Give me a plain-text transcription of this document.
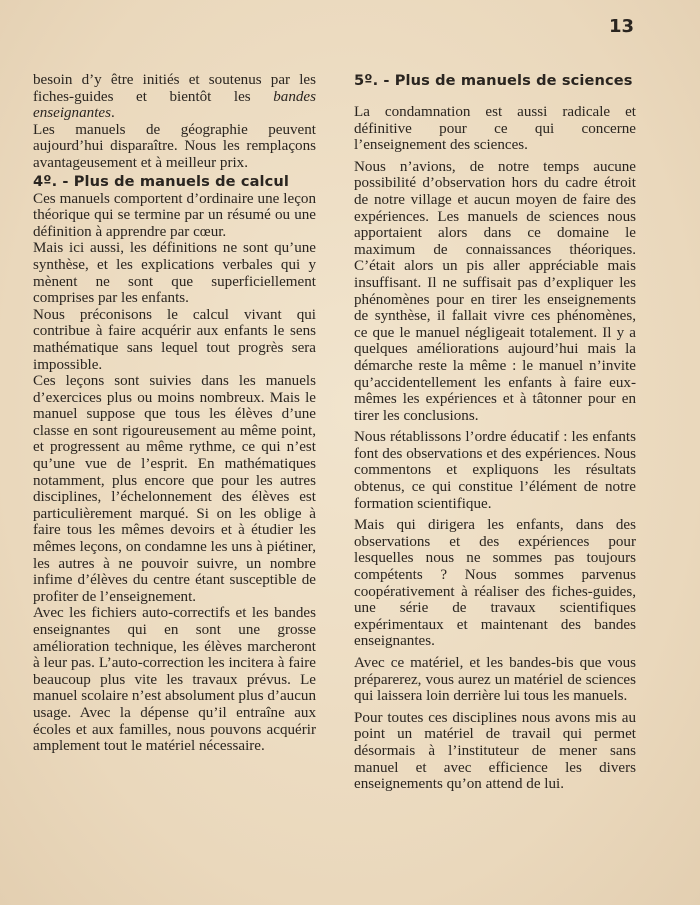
13

besoin d’y être initiés et soutenus par les fiches-guides et bientôt les bandes enseignantes.

Les manuels de géographie peuvent aujourd’hui disparaître. Nous les remplaçons avantageusement et à meilleur prix.

4º. - Plus de manuels de calcul

Ces manuels comportent d’ordinaire une leçon théorique qui se termine par un résumé ou une définition à apprendre par cœur.

Mais ici aussi, les définitions ne sont qu’une synthèse, et les explications verbales qui y mènent ne sont que superficiellement comprises par les enfants.

Nous préconisons le calcul vivant qui contribue à faire acquérir aux enfants le sens mathématique sans lequel tout progrès sera impossible.

Ces leçons sont suivies dans les manuels d’exercices plus ou moins nombreux. Mais le manuel suppose que tous les élèves d’une classe en sont rigoureusement au même point, et progressent au même rythme, ce qui n’est qu’une vue de l’esprit. En mathématiques notamment, plus encore que pour les autres disciplines, l’échelonnement des élèves est particulièrement marqué. Si on les oblige à faire tous les mêmes devoirs et à étudier les mêmes leçons, on condamne les uns à piétiner, les autres à ne pouvoir suivre, un nombre infime d’élèves du centre étant susceptible de profiter de l’enseignement.

Avec les fichiers auto-correctifs et les bandes enseignantes qui en sont une grosse amélioration technique, les élèves marcheront à leur pas. L’auto-correction les incitera à faire beaucoup plus vite les travaux prévus. Le manuel scolaire n’est absolument plus d’aucun usage. Avec la dépense qu’il entraîne aux écoles et aux familles, nous pouvons acquérir amplement tout le matériel nécessaire.

5º. - Plus de manuels de sciences

La condamnation est aussi radicale et définitive pour ce qui concerne l’enseignement des sciences.

Nous n’avions, de notre temps aucune possibilité d’observation hors du cadre étroit de notre village et aucun moyen de faire des expériences. Les manuels de sciences nous apportaient alors dans ce domaine le maximum de connaissances théoriques. C’était alors un pis aller appréciable mais insuffisant. Il ne suffisait pas d’expliquer les phénomènes pour en tirer les enseignements de synthèse, il fallait vivre ces phénomènes, ce que le manuel négligeait totalement. Il y a quelques améliorations aujourd’hui mais la démarche reste la même : le manuel n’invite qu’accidentellement les enfants à faire eux-mêmes les expériences et à tâtonner pour en tirer les conclusions.

Nous rétablissons l’ordre éducatif : les enfants font des observations et des expériences. Nous commentons et expliquons les résultats obtenus, ce qui constitue l’élément de notre formation scientifique.

Mais qui dirigera les enfants, dans des observations et des expériences pour lesquelles nous ne sommes pas toujours compétents ? Nous sommes parvenus coopérativement à réaliser des fiches-guides, une série de travaux scientifiques expérimentaux et maintenant des bandes enseignantes.

Avec ce matériel, et les bandes-bis que vous préparerez, vous aurez un matériel de sciences qui laissera loin derrière lui tous les manuels.

Pour toutes ces disciplines nous avons mis au point un matériel de travail qui permet désormais à l’instituteur de mener sans manuel et avec efficience les divers enseignements qu’on attend de lui.
